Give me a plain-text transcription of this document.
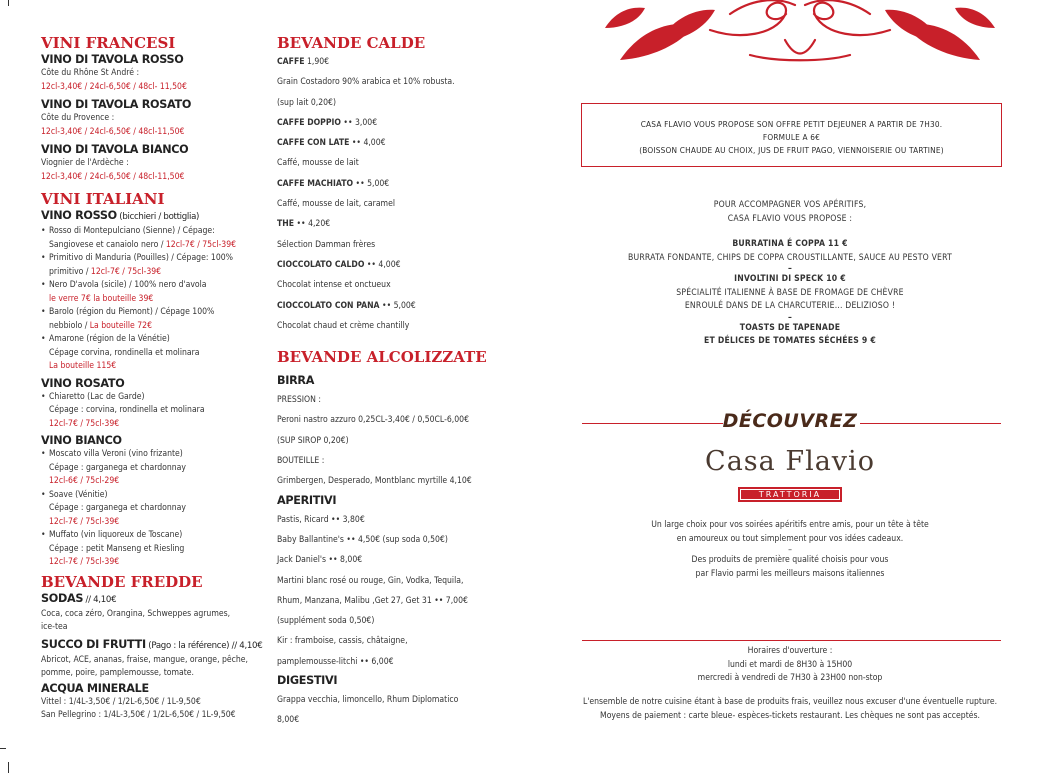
VINI FRANCESI

VINO DI TAVOLA ROSSO

Côte du Rhône St André :

12cl-3,40€ / 24cl-6,50€ / 48cl- 11,50€

VINO DI TAVOLA ROSATO

Côte du Provence :

12cl-3,40€ / 24cl-6,50€ / 48cl-11,50€

VINO DI TAVOLA BIANCO

Viognier de l'Ardèche :

12cl-3,40€ / 24cl-6,50€ / 48cl-11,50€

VINI ITALIANI

VINO ROSSO (bicchieri / bottiglia)

• Rosso di Montepulciano (Sienne) / Cépage:
Sangiovese et canaiolo nero / 12cl-7€ / 75cl-39€
• Primitivo di Manduria (Pouilles) / Cépage: 100%
primitivo / 12cl-7€ / 75cl-39€
• Nero D'avola (sicile) / 100% nero d'avola
le verre 7€ la bouteille 39€
• Barolo (région du Piemont) / Cépage 100%
nebbiolo / La bouteille 72€
• Amarone (région de la Vénétie)
Cépage corvina, rondinella et molinara
La bouteille 115€

VINO ROSATO

• Chiaretto (Lac de Garde)
Cépage : corvina, rondinella et molinara
12cl-7€ / 75cl-39€

VINO BIANCO

• Moscato villa Veroni (vino frizante)
Cépage : garganega et chardonnay
12cl-6€ / 75cl-29€
• Soave (Vénitie)
Cépage : garganega et chardonnay
12cl-7€ / 75cl-39€
• Muffato (vin liquoreux de Toscane)
Cépage : petit Manseng et Riesling
12cl-7€ / 75cl-39€

BEVANDE FREDDE

SODAS // 4,10€

Coca, coca zéro, Orangina, Schweppes agrumes,

ice-tea

SUCCO DI FRUTTI (Pago : la référence) // 4,10€

Abricot, ACE, ananas, fraise, mangue, orange, pêche,

pomme, poire, pamplemousse, tomate.

ACQUA MINERALE

Vittel : 1/4L-3,50€ / 1/2L-6,50€ / 1L-9,50€

San Pellegrino : 1/4L-3,50€ / 1/2L-6,50€ / 1L-9,50€

BEVANDE CALDE

CAFFE 1,90€

Grain Costadoro 90% arabica et 10% robusta.

(sup lait 0,20€)

CAFFE DOPPIO •• 3,00€

CAFFE CON LATE •• 4,00€

Caffé, mousse de lait

CAFFE MACHIATO •• 5,00€

Caffé, mousse de lait, caramel

THE •• 4,20€

Sélection Damman frères

CIOCCOLATO CALDO •• 4,00€

Chocolat intense et onctueux

CIOCCOLATO CON PANA •• 5,00€

Chocolat chaud et crème chantilly

BEVANDE ALCOLIZZATE

BIRRA

PRESSION :

Peroni nastro azzuro 0,25CL-3,40€ / 0,50CL-6,00€

(SUP SIROP 0,20€)

BOUTEILLE :

Grimbergen, Desperado, Montblanc myrtille 4,10€

APERITIVI

Pastis, Ricard •• 3,80€

Baby Ballantine's •• 4,50€ (sup soda 0,50€)

Jack Daniel's •• 8,00€

Martini blanc rosé ou rouge, Gin, Vodka, Tequila,

Rhum, Manzana, Malibu ,Get 27, Get 31 •• 7,00€

(supplément soda 0,50€)

Kir : framboise, cassis, châtaigne,

pamplemousse-litchi •• 6,00€

DIGESTIVI

Grappa vecchia, limoncello, Rhum Diplomatico

8,00€

CASA FLAVIO VOUS PROPOSE SON OFFRE PETIT DEJEUNER A PARTIR DE 7H30.
FORMULE A 6€
(BOISSON CHAUDE AU CHOIX, JUS DE FRUIT PAGO, VIENNOISERIE OU TARTINE)

POUR ACCOMPAGNER VOS APÉRITIFS,
CASA FLAVIO VOUS PROPOSE :
BURRATINA É COPPA 11 €
BURRATA FONDANTE, CHIPS DE COPPA CROUSTILLANTE, SAUCE AU PESTO VERT
–
INVOLTINI DI SPECK 10 €
SPÉCIALITÉ ITALIENNE À BASE DE FROMAGE DE CHÈVRE
ENROULÉ DANS DE LA CHARCUTERIE... DELIZIOSO !
–
TOASTS DE TAPENADE
ET DÉLICES DE TOMATES SÉCHÉES 9 €
DÉCOUVREZ
Casa Flavio
TRATTORIA
Un large choix pour vos soirées apéritifs entre amis, pour un tête à tête
en amoureux ou tout simplement pour vos idées cadeaux.
–
Des produits de première qualité choisis pour vous
par Flavio parmi les meilleurs maisons italiennes
Horaires d'ouverture :
lundi et mardi de 8H30 à 15H00
mercredi à vendredi de 7H30 à 23H00 non-stop
L'ensemble de notre cuisine étant à base de produits frais, veuillez nous excuser d'une éventuelle rupture.
Moyens de paiement : carte bleue- espèces-tickets restaurant. Les chèques ne sont pas acceptés.
